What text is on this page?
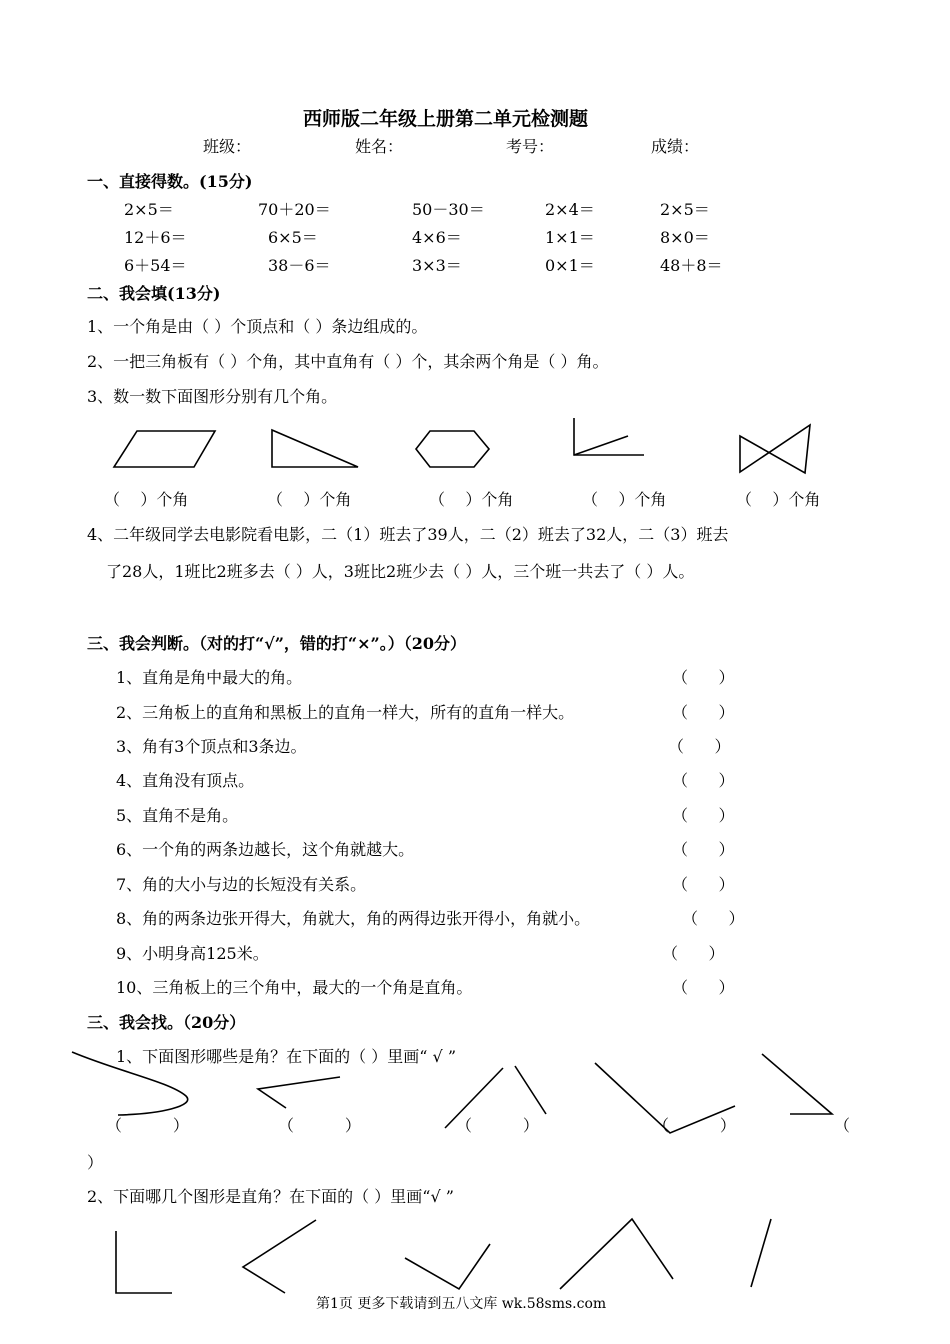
西师版二年级上册第二单元检测题
班级：	姓名：	考号：	成绩：
一、直接得数。(15分)
2×5＝	70＋20＝	50－30＝	2×4＝	2×5＝
12＋6＝	6×5＝	4×6＝	1×1＝	8×0＝
6＋54＝	38－6＝	3×3＝	0×1＝	48＋8＝
二、我会填(13分)
1、一个角是由（ ）个顶点和（ ）条边组成的。
2、一把三角板有（ ）个角，其中直角有（ ）个，其余两个角是（ ）角。
3、数一数下面图形分别有几个角。
（    ）个角	（    ）个角	（    ）个角	（    ）个角	（    ）个角
4、二年级同学去电影院看电影，二（1）班去了39人，二（2）班去了32人，二（3）班去
了28人，1班比2班多去（ ）人，3班比2班少去（ ）人，三个班一共去了（ ）人。
三、我会判断。（对的打“√”，错的打“×”。）（20分）
1、直角是角中最大的角。	（      ）
2、三角板上的直角和黑板上的直角一样大，所有的直角一样大。	（      ）
3、角有3个顶点和3条边。	（      ）
4、直角没有顶点。	（      ）
5、直角不是角。	（      ）
6、一个角的两条边越长，这个角就越大。	（      ）
7、角的大小与边的长短没有关系。	（      ）
8、角的两条边张开得大，角就大，角的两得边张开得小，角就小。	（      ）
9、小明身高125米。	（      ）
10、三角板上的三个角中，最大的一个角是直角。	（      ）
三、我会找。（20分）
1、下面图形哪些是角？在下面的（ ）里画“ √ ”
（          ）	（          ）	（          ）	（          ）	（
）
2、下面哪几个图形是直角？在下面的（ ）里画“√ ”
第1页 更多下载请到五八文库 wk.58sms.com
